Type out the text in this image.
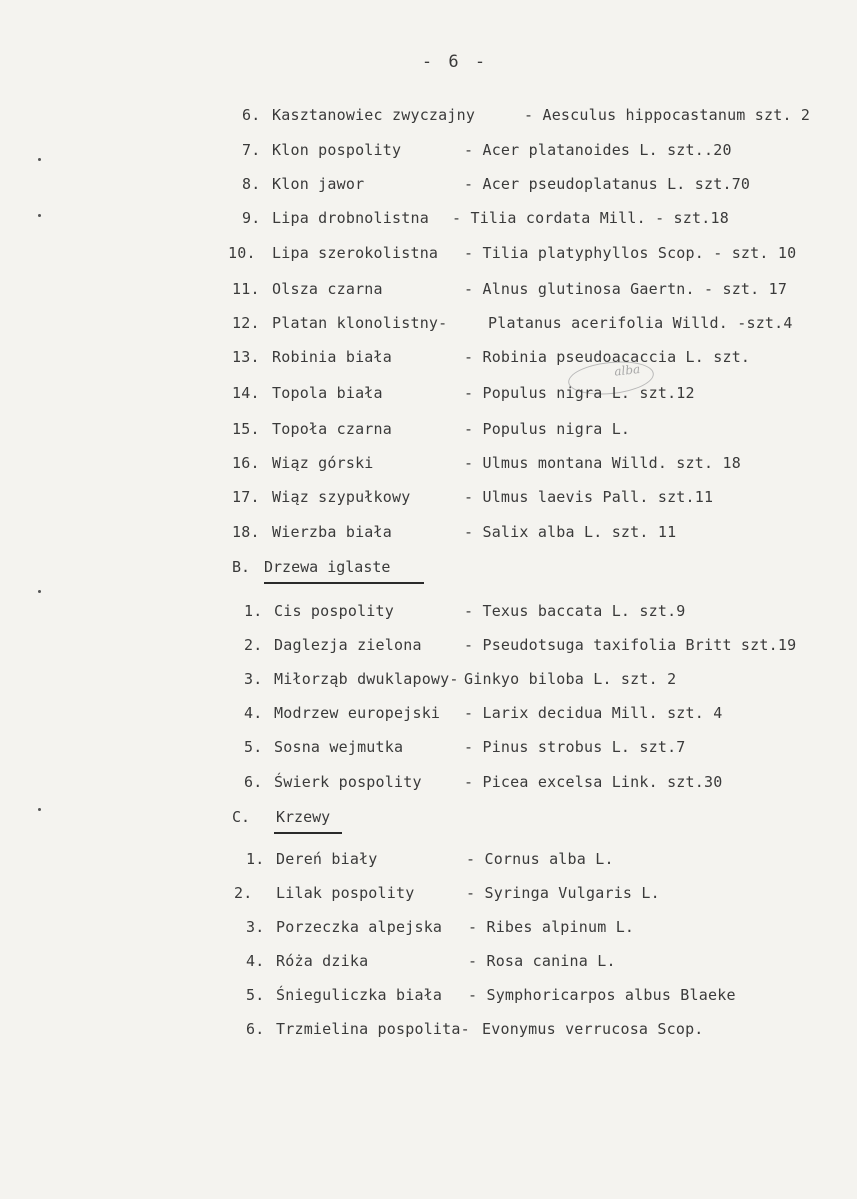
- 6 -
alba
6. Kasztanowiec zwyczajny	- Aesculus hippocastanum szt. 2
7. Klon pospolity	- Acer platanoides L. szt..20
8. Klon jawor	- Acer pseudoplatanus L. szt.70
9. Lipa drobnolistna - Tilia cordata Mill. - szt.18
10. Lipa szerokolistna - Tilia platyphyllos Scop. - szt. 10
11. Olsza czarna	- Alnus glutinosa Gaertn. - szt. 17
12. Platan klonolistny-	Platanus acerifolia Willd. -szt.4
13. Robinia biała	- Robinia pseudoacaccia L. szt.
14. Topola biała	- Populus nigra L. szt.12
15. Topoła czarna	- Populus nigra L.
16. Wiąz górski	- Ulmus montana Willd. szt. 18
17. Wiąz szypułkowy	- Ulmus laevis Pall. szt.11
18. Wierzba biała	- Salix alba L. szt. 11
B. Drzewa iglaste
1. Cis pospolity	- Texus baccata L. szt.9
2. Daglezja zielona	- Pseudotsuga taxifolia Britt szt.19
3. Miłorząb dwuklapowy- Ginkyo biloba L. szt. 2
4. Modrzew europejski - Larix decidua Mill. szt. 4
5. Sosna wejmutka	- Pinus strobus L. szt.7
6. Świerk pospolity	- Picea excelsa Link. szt.30
C. Krzewy
1. Dereń biały	- Cornus alba L.
2. Lilak pospolity	- Syringa Vulgaris L.
3. Porzeczka alpejska - Ribes alpinum L.
4. Róża dzika	- Rosa canina L.
5. Śnieguliczka biała - Symphoricarpos albus Blaeke
6. Trzmielina pospolita- Evonymus verrucosa Scop.
